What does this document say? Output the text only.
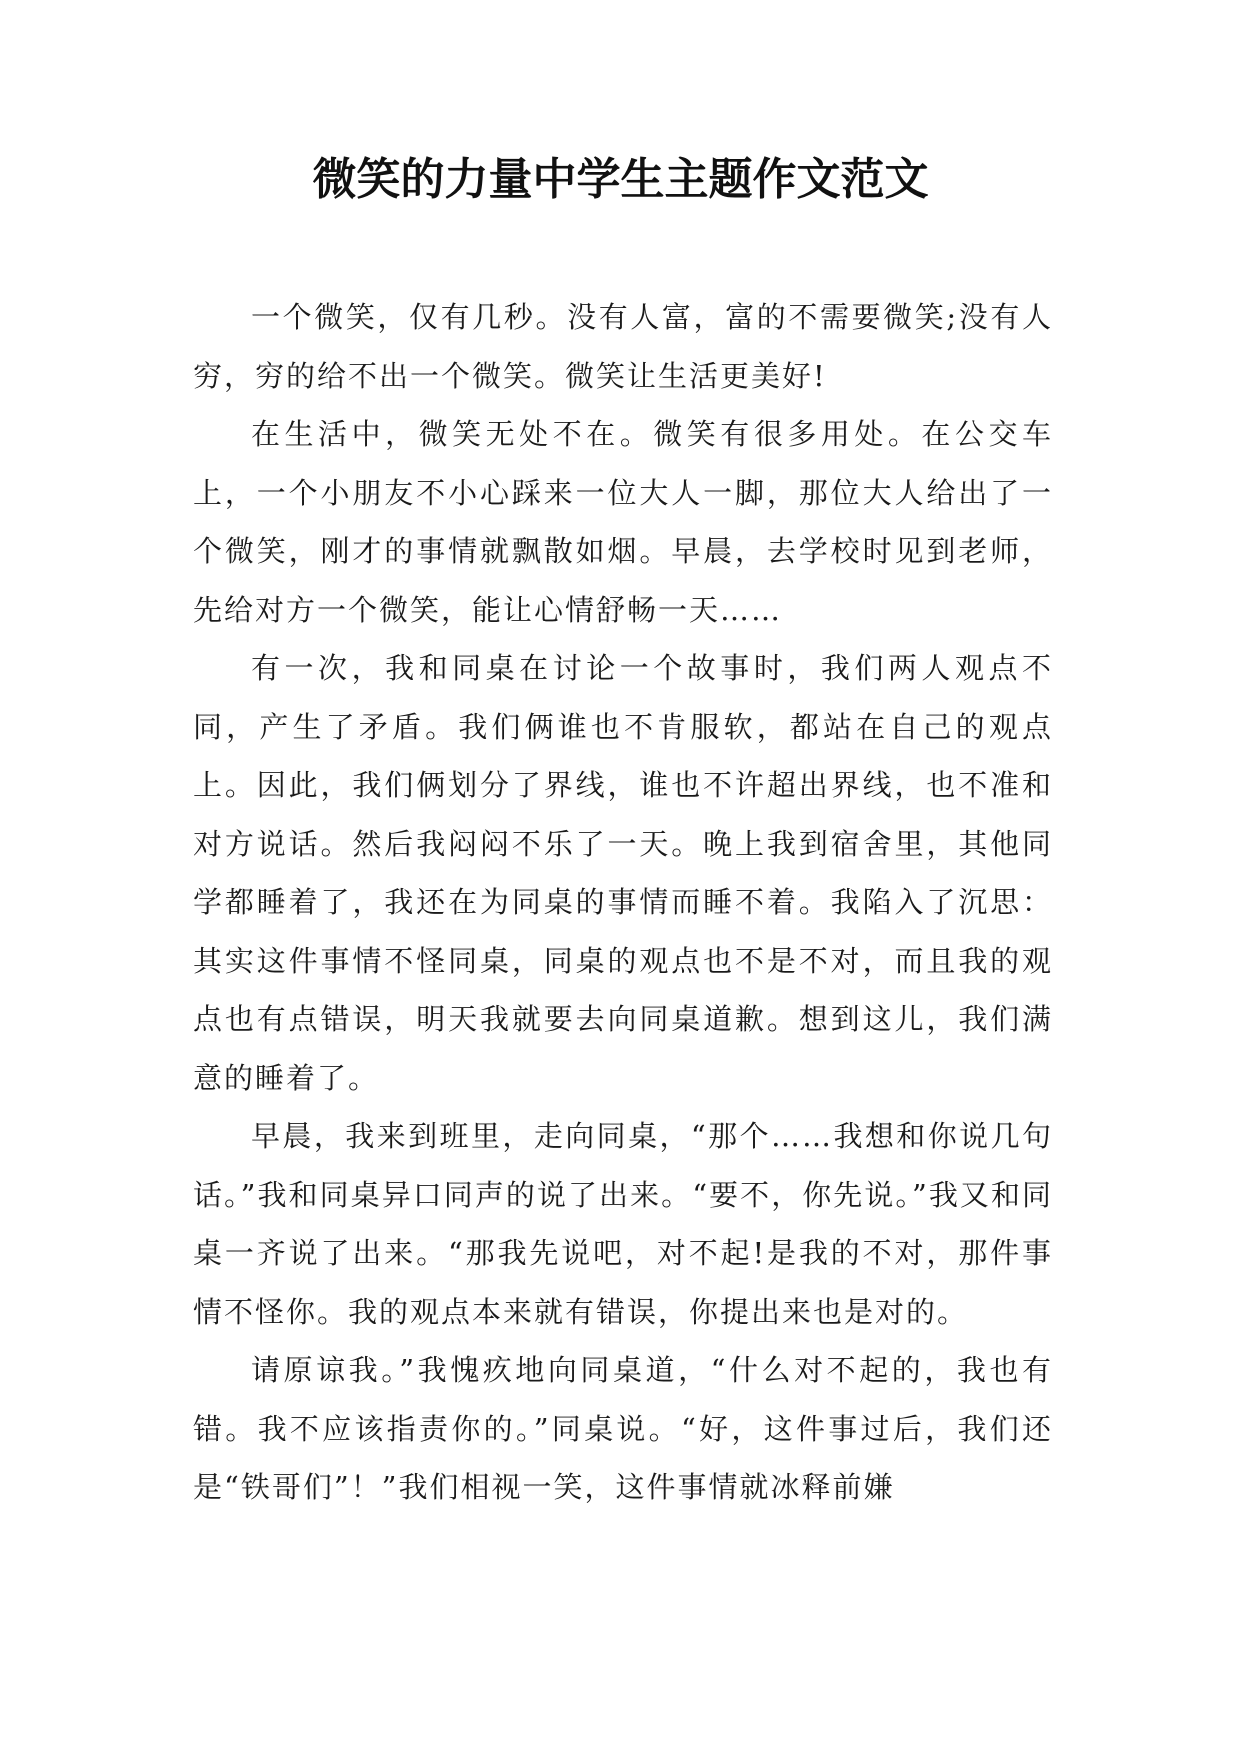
微笑的力量中学生主题作文范文

一个微笑，仅有几秒。没有人富，富的不需要微笑;没有人穷，穷的给不出一个微笑。微笑让生活更美好!

在生活中，微笑无处不在。微笑有很多用处。在公交车上，一个小朋友不小心踩来一位大人一脚，那位大人给出了一个微笑，刚才的事情就飘散如烟。早晨，去学校时见到老师，先给对方一个微笑，能让心情舒畅一天……

有一次，我和同桌在讨论一个故事时，我们两人观点不同，产生了矛盾。我们俩谁也不肯服软，都站在自己的观点上。因此，我们俩划分了界线，谁也不许超出界线，也不准和对方说话。然后我闷闷不乐了一天。晚上我到宿舍里，其他同学都睡着了，我还在为同桌的事情而睡不着。我陷入了沉思：其实这件事情不怪同桌，同桌的观点也不是不对，而且我的观点也有点错误，明天我就要去向同桌道歉。想到这儿，我们满意的睡着了。

早晨，我来到班里，走向同桌，“那个……我想和你说几句话。”我和同桌异口同声的说了出来。“要不，你先说。”我又和同桌一齐说了出来。“那我先说吧，对不起!是我的不对，那件事情不怪你。我的观点本来就有错误，你提出来也是对的。

请原谅我。”我愧疚地向同桌道，“什么对不起的，我也有错。我不应该指责你的。”同桌说。“好，这件事过后，我们还是“铁哥们”！”我们相视一笑，这件事情就冰释前嫌
